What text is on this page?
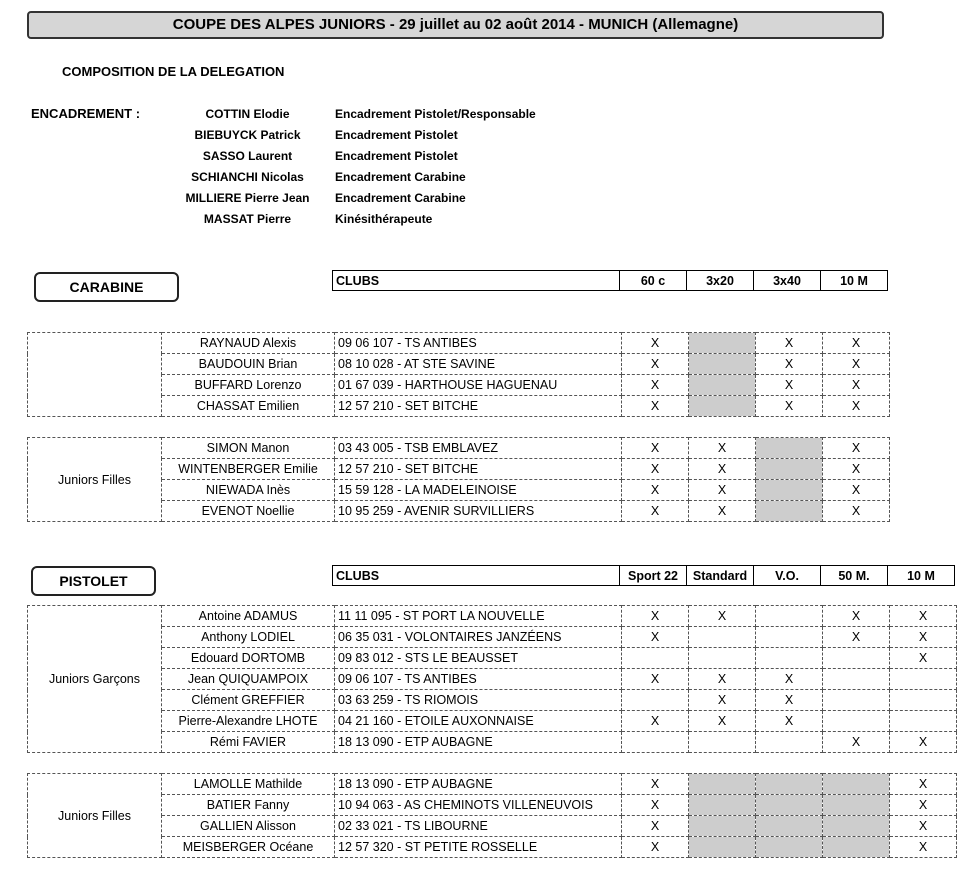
COUPE DES ALPES JUNIORS - 29 juillet au 02 août 2014 - MUNICH (Allemagne)
COMPOSITION DE LA DELEGATION
ENCADREMENT :	COTTIN Elodie	Encadrement Pistolet/Responsable
BIEBUYCK Patrick	Encadrement Pistolet
SASSO Laurent	Encadrement Pistolet
SCHIANCHI Nicolas	Encadrement Carabine
MILLIERE Pierre Jean	Encadrement Carabine
MASSAT Pierre	Kinésithérapeute
CARABINE	CLUBS	60 c	3x20	3x40	10 M
	RAYNAUD Alexis	09 06 107 - TS ANTIBES	X		X	X
	BAUDOUIN Brian	08 10 028 - AT STE SAVINE	X		X	X
	BUFFARD Lorenzo	01 67 039 - HARTHOUSE HAGUENAU	X		X	X
	CHASSAT Emilien	12 57 210 - SET BITCHE	X		X	X
Juniors Filles	SIMON Manon	03 43 005 - TSB EMBLAVEZ	X	X		X
	WINTENBERGER Emilie	12 57 210 - SET BITCHE	X	X		X
	NIEWADA Inès	15 59 128 - LA MADELEINOISE	X	X		X
	EVENOT Noellie	10 95 259 - AVENIR SURVILLIERS	X	X		X
PISTOLET	CLUBS	Sport 22	Standard	V.O.	50 M.	10 M
Juniors Garçons	Antoine ADAMUS	11 11 095 - ST PORT LA NOUVELLE	X	X		X	X
	Anthony LODIEL	06 35 031 - VOLONTAIRES JANZÉENS	X			X	X
	Edouard DORTOMB	09 83 012 - STS LE BEAUSSET					X
	Jean QUIQUAMPOIX	09 06 107 - TS ANTIBES	X	X	X		
	Clément GREFFIER	03 63 259 - TS RIOMOIS		X	X		
	Pierre-Alexandre LHOTE	04 21 160 - ETOILE AUXONNAISE	X	X	X		
	Rémi FAVIER	18 13 090 - ETP AUBAGNE				X	X
Juniors Filles	LAMOLLE Mathilde	18 13 090 - ETP AUBAGNE	X				X
	BATIER Fanny	10 94 063 - AS CHEMINOTS VILLENEUVOIS	X				X
	GALLIEN Alisson	02 33 021 - TS LIBOURNE	X				X
	MEISBERGER Océane	12 57 320 - ST PETITE ROSSELLE	X				X
